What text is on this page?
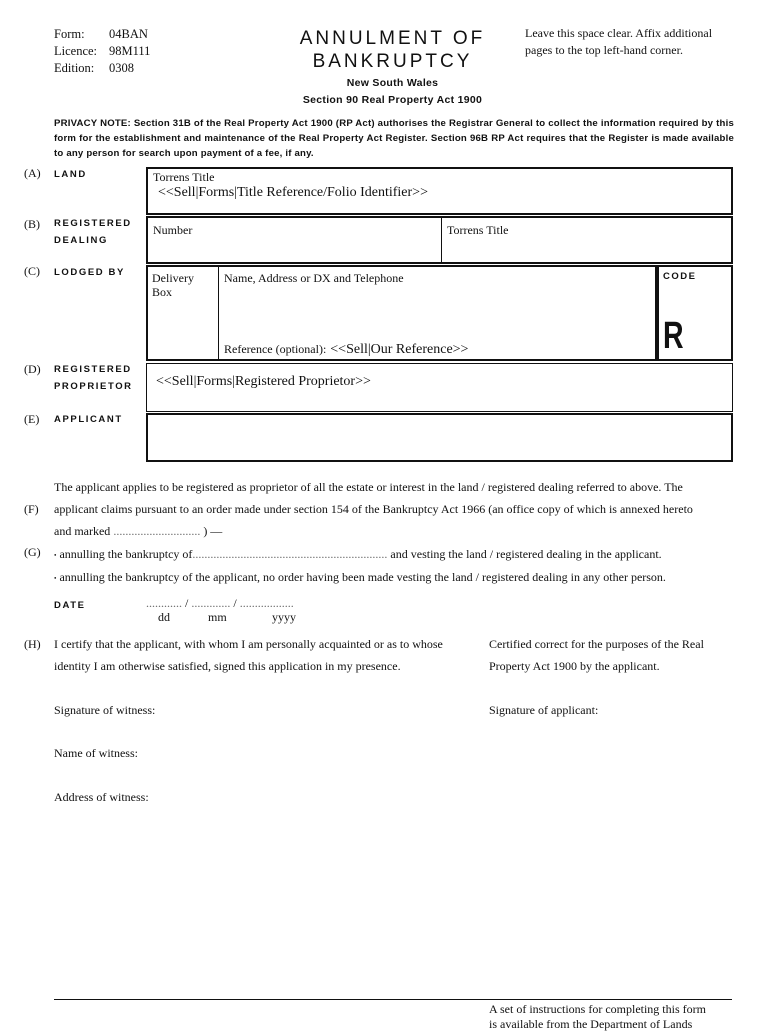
Form: 04BAN
Licence: 98M111
Edition: 0308
ANNULMENT OF
BANKRUPTCY
New South Wales
Section 90 Real Property Act 1900
Leave this space clear. Affix additional pages to the top left-hand corner.
PRIVACY NOTE: Section 31B of the Real Property Act 1900 (RP Act) authorises the Registrar General to collect the information required by this form for the establishment and maintenance of the Real Property Act Register. Section 96B RP Act requires that the Register is made available to any person for search upon payment of a fee, if any.
(A) LAND	Torrens Title
<<Sell|Forms|Title Reference/Folio Identifier>>
(B) REGISTERED DEALING
Number	Torrens Title
(C) LODGED BY Delivery Box
Name, Address or DX and Telephone
Reference (optional): <<Sell|Our Reference>>
CODE
R
(D) REGISTERED PROPRIETOR <<Sell|Forms|Registered Proprietor>>
(E) APPLICANT
(F)
The applicant applies to be registered as proprietor of all the estate or interest in the land / registered dealing referred to above. The
applicant claims pursuant to an order made under section 154 of the Bankruptcy Act 1966 (an office copy of which is annexed hereto
and marked ............................. ) —
(G) • annulling the bankruptcy of................................................................. and vesting the land / registered dealing in the applicant.
• annulling the bankruptcy of the applicant, no order having been made vesting the land / registered dealing in any other person.
DATE	............ / ............. / ..................
dd	mm	yyyy
(H) I certify that the applicant, with whom I am personally acquainted or as to whose
identity I am otherwise satisfied, signed this application in my presence.
Certified correct for the purposes of the Real
Property Act 1900 by the applicant.
Signature of witness:	Signature of applicant:
Name of witness:
Address of witness:
A set of instructions for completing this form
is available from the Department of Lands
